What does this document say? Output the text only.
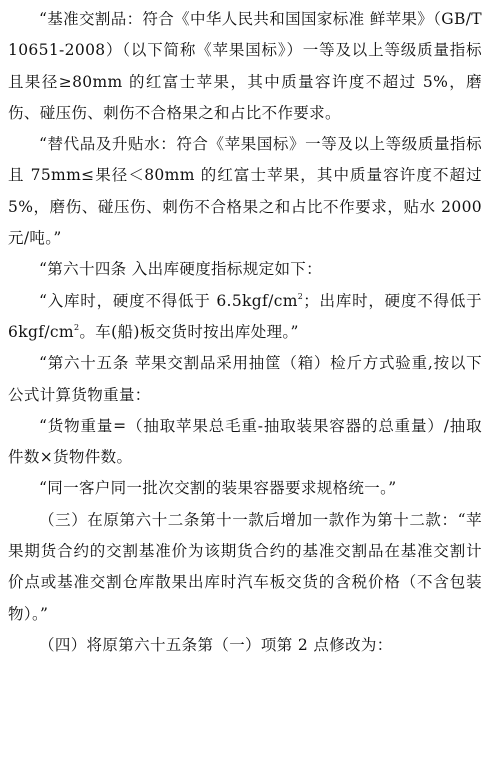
“基准交割品：符合《中华人民共和国国家标准 鲜苹果》（GB/T 10651-2008）（以下简称《苹果国标》）一等及以上等级质量指标且果径≥80mm 的红富士苹果，其中质量容许度不超过 5%，磨伤、碰压伤、刺伤不合格果之和占比不作要求。

“替代品及升贴水：符合《苹果国标》一等及以上等级质量指标且 75mm≤果径＜80mm 的红富士苹果，其中质量容许度不超过 5%，磨伤、碰压伤、刺伤不合格果之和占比不作要求，贴水 2000 元/吨。”

“第六十四条 入出库硬度指标规定如下：

“入库时，硬度不得低于 $6.5kgf/cm^2$；出库时，硬度不得低于 $6kgf/cm^2$。车(船)板交货时按出库处理。”

“第六十五条 苹果交割品采用抽筐（箱）检斤方式验重,按以下公式计算货物重量：

“货物重量=（抽取苹果总毛重-抽取装果容器的总重量）/抽取件数×货物件数。

“同一客户同一批次交割的装果容器要求规格统一。”

（三）在原第六十二条第十一款后增加一款作为第十二款：“苹果期货合约的交割基准价为该期货合约的基准交割品在基准交割计价点或基准交割仓库散果出库时汽车板交货的含税价格（不含包装物）。”

（四）将原第六十五条第（一）项第 2 点修改为：
